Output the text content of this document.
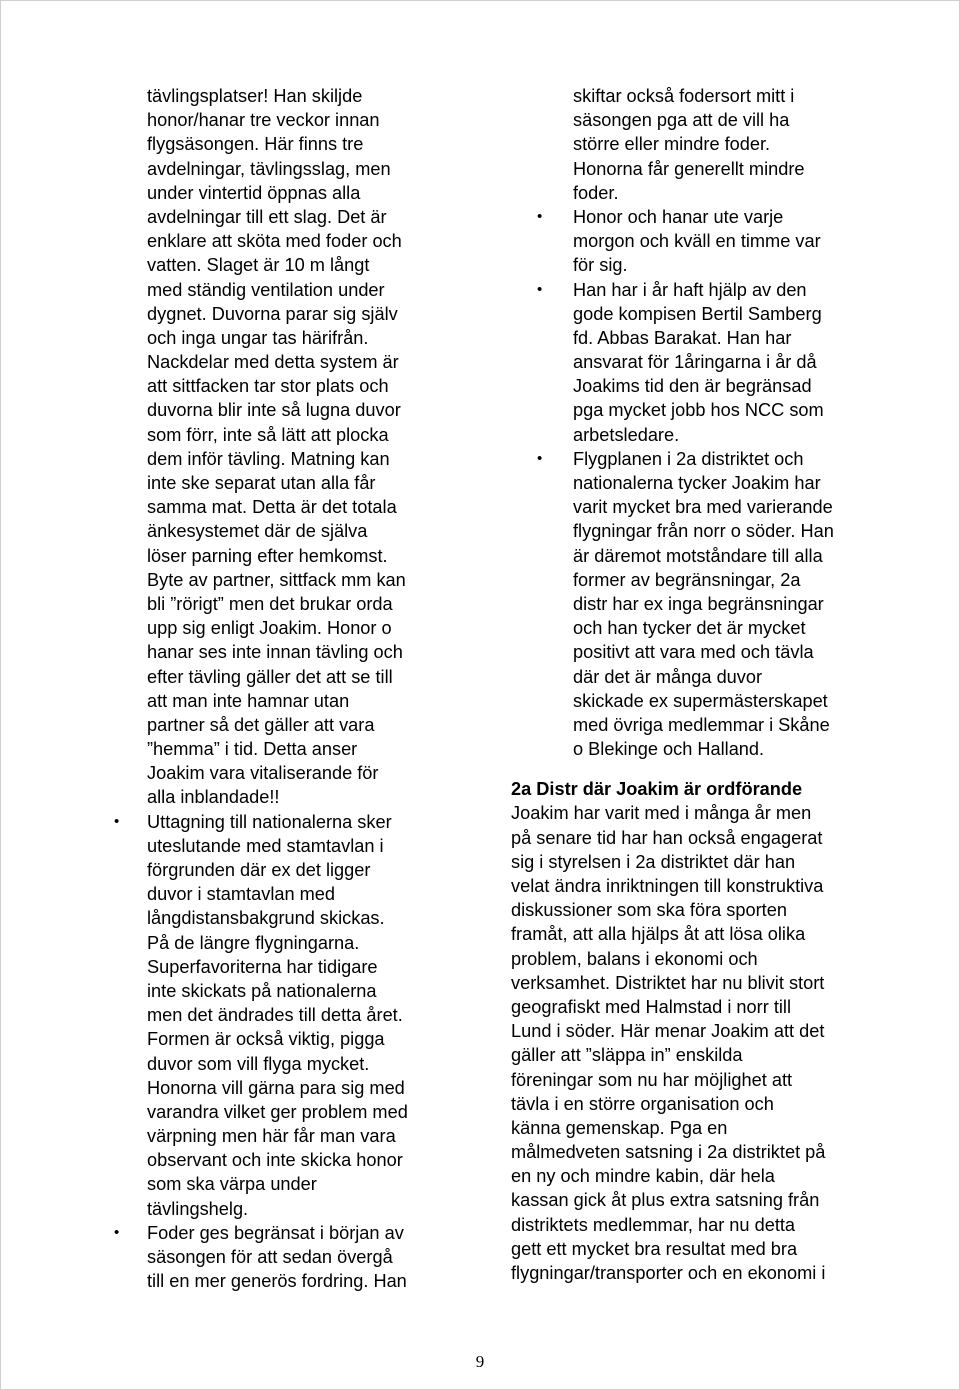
tävlingsplatser! Han skiljde
honor/hanar tre veckor innan
flygsäsongen. Här finns tre
avdelningar, tävlingsslag, men
under vintertid öppnas alla
avdelningar till ett slag. Det är
enklare att sköta med foder och
vatten. Slaget är 10 m långt
med ständig ventilation under
dygnet. Duvorna parar sig själv
och inga ungar tas härifrån.
Nackdelar med detta system är
att sittfacken tar stor plats och
duvorna blir inte så lugna duvor
som förr, inte så lätt att plocka
dem inför tävling. Matning kan
inte ske separat utan alla får
samma mat. Detta är det totala
änkesystemet där de själva
löser parning efter hemkomst.
Byte av partner, sittfack mm kan
bli ”rörigt” men det brukar orda
upp sig enligt Joakim. Honor o
hanar ses inte innan tävling och
efter tävling gäller det att se till
att man inte hamnar utan
partner så det gäller att vara
”hemma” i tid. Detta anser
Joakim vara vitaliserande för
alla inblandade!!
• Uttagning till nationalerna sker
uteslutande med stamtavlan i
förgrunden där ex det ligger
duvor i stamtavlan med
långdistansbakgrund skickas.
På de längre flygningarna.
Superfavoriterna har tidigare
inte skickats på nationalerna
men det ändrades till detta året.
Formen är också viktig, pigga
duvor som vill flyga mycket.
Honorna vill gärna para sig med
varandra vilket ger problem med
värpning men här får man vara
observant och inte skicka honor
som ska värpa under
tävlingshelg.
• Foder ges begränsat i början av
säsongen för att sedan övergå
till en mer generös fordring. Han
skiftar också fodersort mitt i
säsongen pga att de vill ha
större eller mindre foder.
Honorna får generellt mindre
foder.
• Honor och hanar ute varje
morgon och kväll en timme var
för sig.
• Han har i år haft hjälp av den
gode kompisen Bertil Samberg
fd. Abbas Barakat. Han har
ansvarat för 1åringarna i år då
Joakims tid den är begränsad
pga mycket jobb hos NCC som
arbetsledare.
• Flygplanen i 2a distriktet och
nationalerna tycker Joakim har
varit mycket bra med varierande
flygningar från norr o söder. Han
är däremot motståndare till alla
former av begränsningar, 2a
distr har ex inga begränsningar
och han tycker det är mycket
positivt att vara med och tävla
där det är många duvor
skickade ex supermästerskapet
med övriga medlemmar i Skåne
o Blekinge och Halland.
2a Distr där Joakim är ordförande
Joakim har varit med i många år men
på senare tid har han också engagerat
sig i styrelsen i 2a distriktet där han
velat ändra inriktningen till konstruktiva
diskussioner som ska föra sporten
framåt, att alla hjälps åt att lösa olika
problem, balans i ekonomi och
verksamhet. Distriktet har nu blivit stort
geografiskt med Halmstad i norr till
Lund i söder. Här menar Joakim att det
gäller att ”släppa in” enskilda
föreningar som nu har möjlighet att
tävla i en större organisation och
känna gemenskap. Pga en
målmedveten satsning i 2a distriktet på
en ny och mindre kabin, där hela
kassan gick åt plus extra satsning från
distriktets medlemmar, har nu detta
gett ett mycket bra resultat med bra
flygningar/transporter och en ekonomi i
9
